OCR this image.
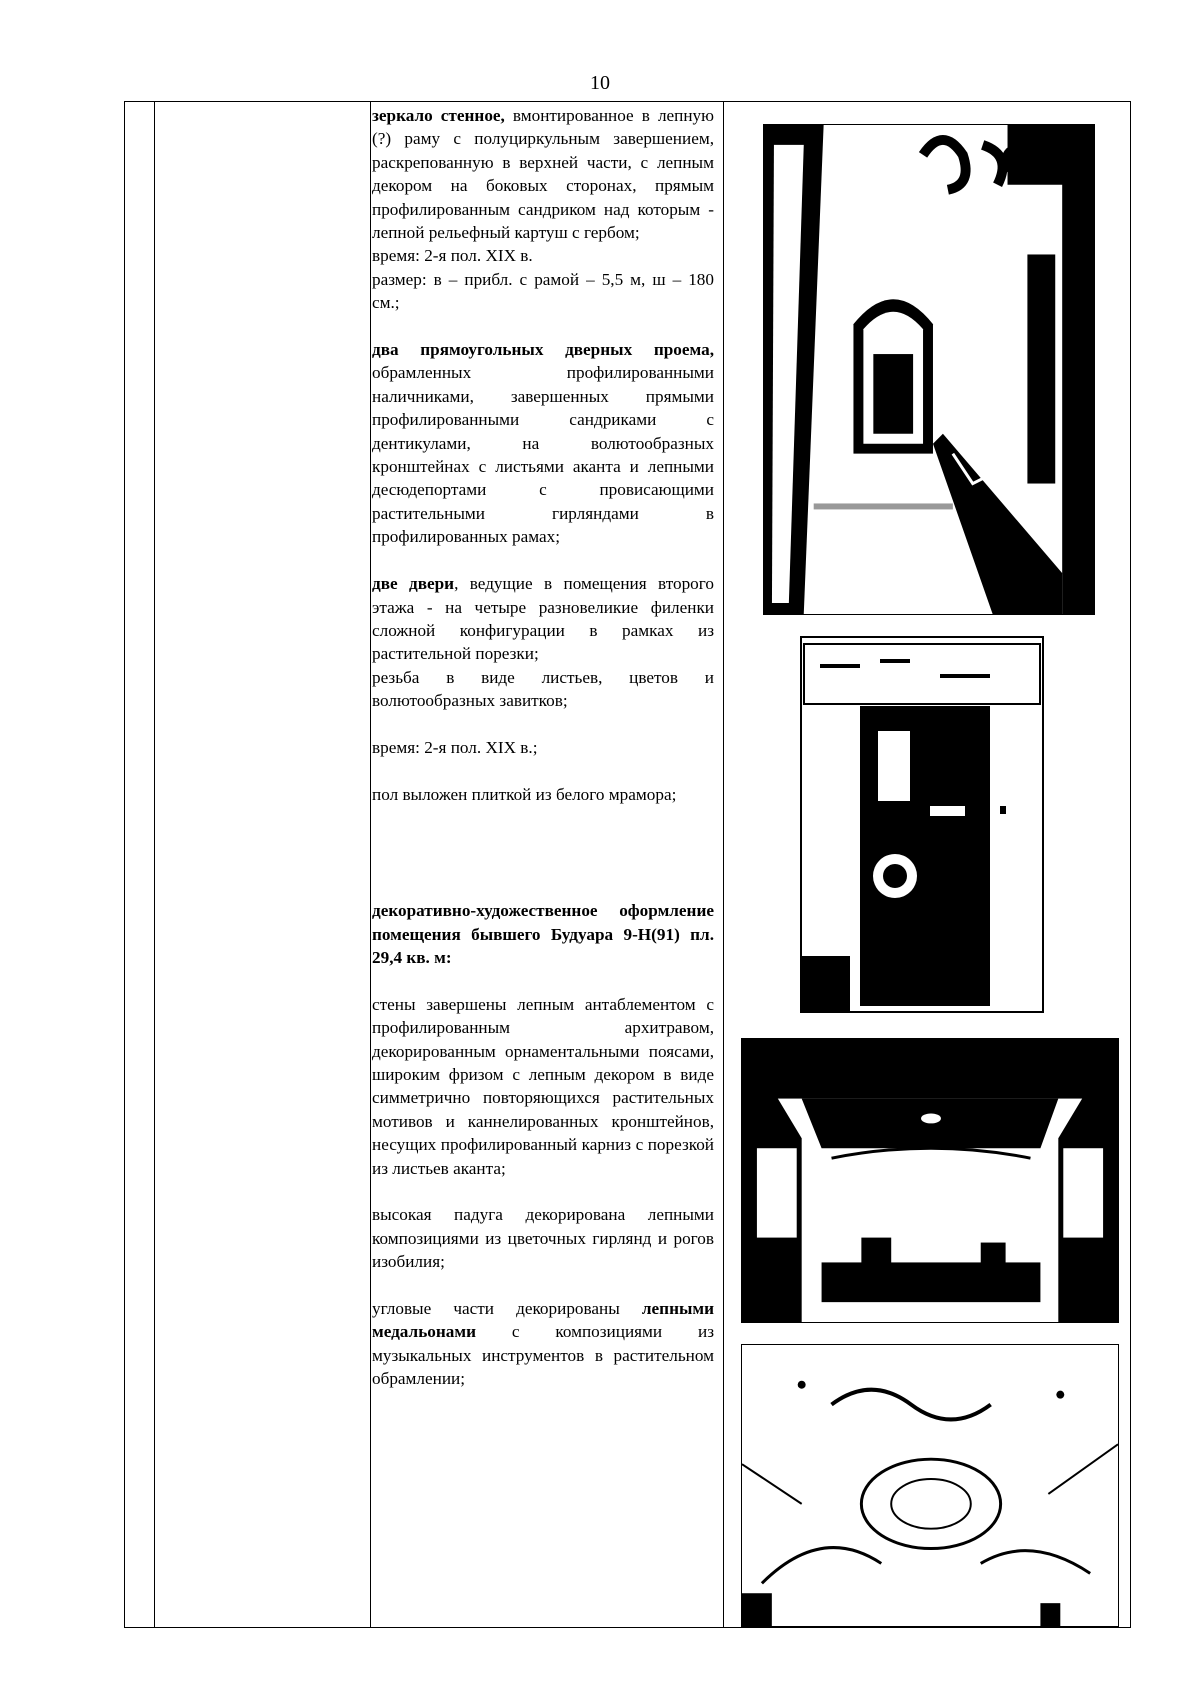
10

зеркало стенное, вмонтированное в лепную (?) раму с полуциркульным завершением, раскрепованную в верхней части, с лепным декором на боковых сторонах, прямым профилированным сандриком над которым - лепной рельефный картуш с гербом;

время: 2-я пол. XIX в.

размер: в – прибл. с рамой – 5,5 м, ш – 180 см.;

два прямоугольных дверных проема, обрамленных профилированными наличниками, завершенных прямыми профилированными сандриками с дентикулами, на волютообразных кронштейнах с листьями аканта и лепными десюдепортами с провисающими растительными гирляндами в профилированных рамах;

две двери, ведущие в помещения второго этажа - на четыре разновеликие филенки сложной конфигурации в рамках из растительной порезки;

резьба в виде листьев, цветов и волютообразных завитков;

время: 2-я пол. XIX в.;

пол выложен плиткой из белого мрамора;

декоративно-художественное оформление помещения бывшего Будуара 9-Н(91) пл. 29,4 кв. м:

стены завершены лепным антаблементом с профилированным архитравом, декорированным орнаментальными поясами, широким фризом с лепным декором в виде симметрично повторяющихся растительных мотивов и каннелированных кронштейнов, несущих профилированный карниз с порезкой из листьев аканта;

высокая падуга декорирована лепными композициями из цветочных гирлянд и рогов изобилия;

угловые части декорированы лепными медальонами с композициями из музыкальных инструментов в растительном обрамлении;
